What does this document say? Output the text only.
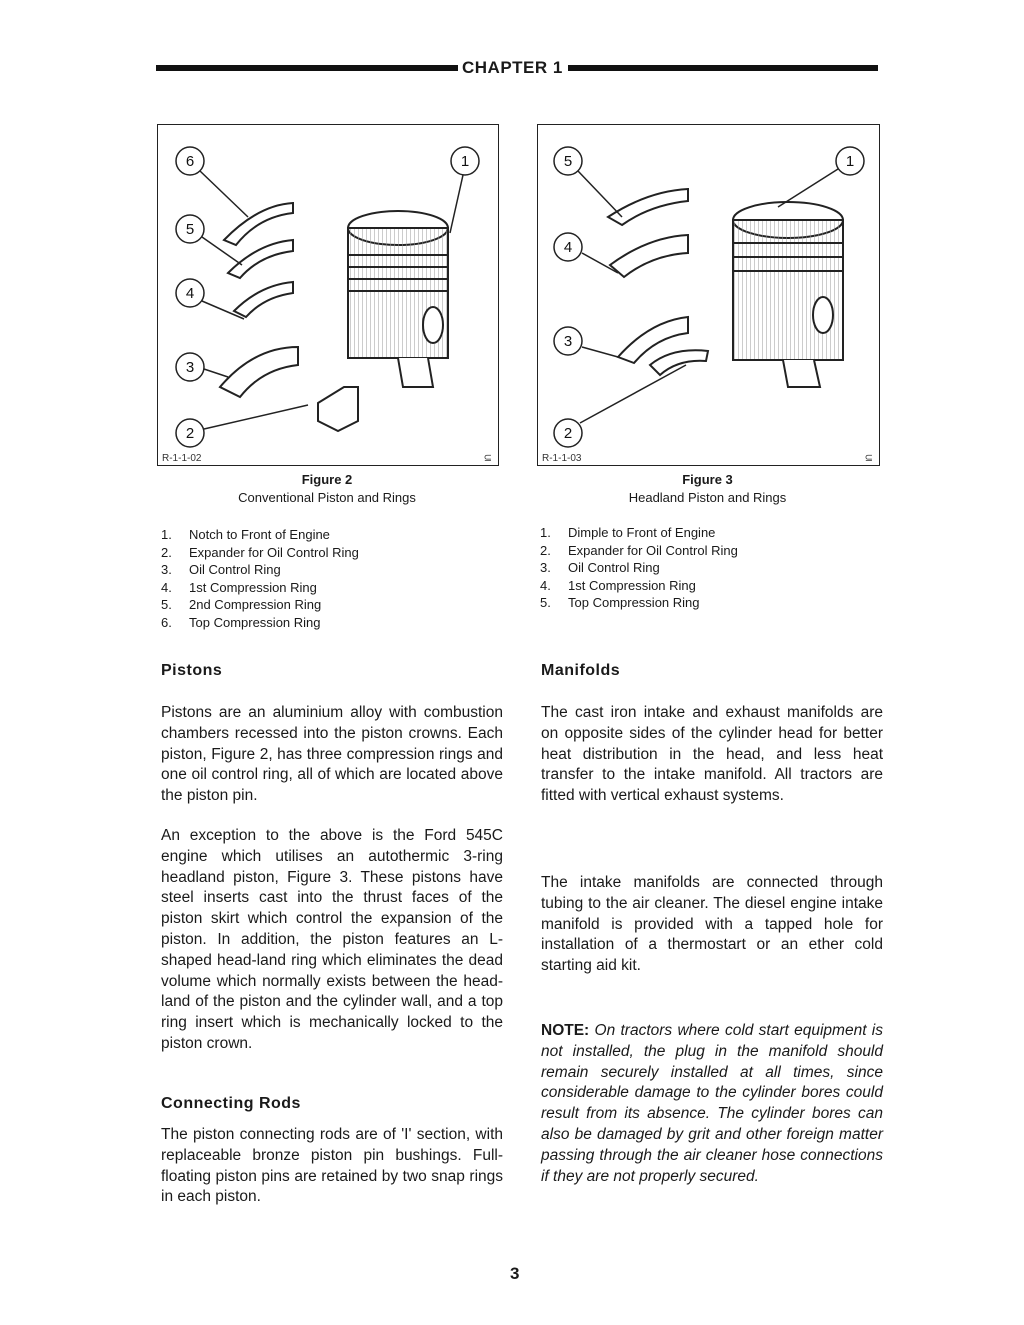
CHAPTER 1
6	1
5
4
3
2
R-1-1-02	⊆
Figure 2
Conventional Piston and Rings
1. Notch to Front of Engine
2. Expander for Oil Control Ring
3. Oil Control Ring
4. 1st Compression Ring
5. 2nd Compression Ring
6. Top Compression Ring
5	1
4
3
2
R-1-1-03	⊆
Figure 3
Headland Piston and Rings
1. Dimple to Front of Engine
2. Expander for Oil Control Ring
3. Oil Control Ring
4. 1st Compression Ring
5. Top Compression Ring
Pistons

Pistons are an aluminium alloy with combustion chambers recessed into the piston crowns. Each piston, Figure 2, has three compression rings and one oil control ring, all of which are located above the piston pin.

An exception to the above is the Ford 545C engine which utilises an autothermic 3-ring headland piston, Figure 3. These pistons have steel inserts cast into the thrust faces of the piston skirt which control the expansion of the piston. In addition, the piston features an L-shaped head-land ring which eliminates the dead volume which normally exists between the head-land of the piston and the cylinder wall, and a top ring insert which is mechanically locked to the piston crown.

Connecting Rods

The piston connecting rods are of 'I' section, with replaceable bronze piston pin bushings. Full-floating piston pins are retained by two snap rings in each piston.

Manifolds

The cast iron intake and exhaust manifolds are on opposite sides of the cylinder head for better heat distribution in the head, and less heat transfer to the intake manifold. All tractors are fitted with vertical exhaust systems.

The intake manifolds are connected through tubing to the air cleaner. The diesel engine intake manifold is provided with a tapped hole for installation of a thermostart or an ether cold starting aid kit.

NOTE: On tractors where cold start equipment is not installed, the plug in the manifold should remain securely installed at all times, since considerable damage to the cylinder bores could result from its absence. The cylinder bores can also be damaged by grit and other foreign matter passing through the air cleaner hose connections if they are not properly secured.

3
